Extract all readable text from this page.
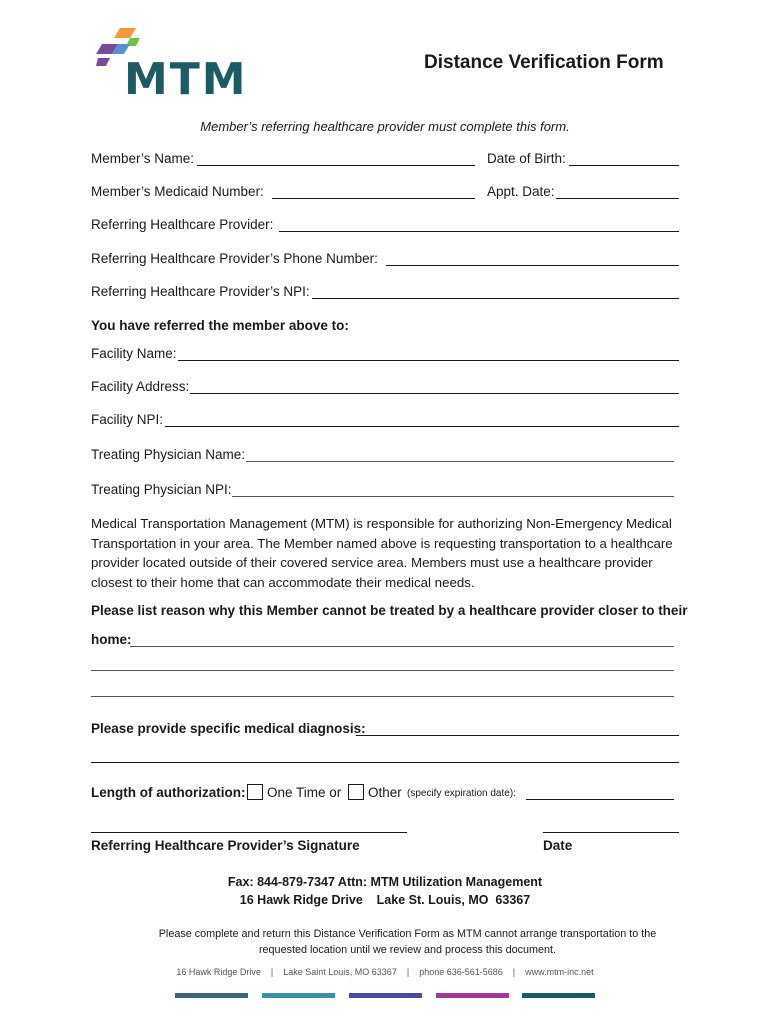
MTM	Distance Verification Form
Member’s referring healthcare provider must complete this form.
Member’s Name:	Date of Birth:
Member’s Medicaid Number:	Appt. Date:
Referring Healthcare Provider:
Referring Healthcare Provider’s Phone Number:
Referring Healthcare Provider’s NPI:
You have referred the member above to:
Facility Name:
Facility Address:
Facility NPI:
Treating Physician Name:
Treating Physician NPI:
Medical Transportation Management (MTM) is responsible for authorizing Non-Emergency Medical Transportation in your area. The Member named above is requesting transportation to a healthcare provider located outside of their covered service area. Members must use a healthcare provider closest to their home that can accommodate their medical needs.
Please list reason why this Member cannot be treated by a healthcare provider closer to their
home:
Please provide specific medical diagnosis:
Length of authorization: One Time or Other (specify expiration date):
Referring Healthcare Provider’s Signature	Date
Fax: 844-879-7347 Attn: MTM Utilization Management
16 Hawk Ridge Drive    Lake St. Louis, MO  63367
Please complete and return this Distance Verification Form as MTM cannot arrange transportation to the requested location until we review and process this document.
16 Hawk Ridge Drive | Lake Saint Louis, MO 63367 | phone 636-561-5686 | www.mtm-inc.net
